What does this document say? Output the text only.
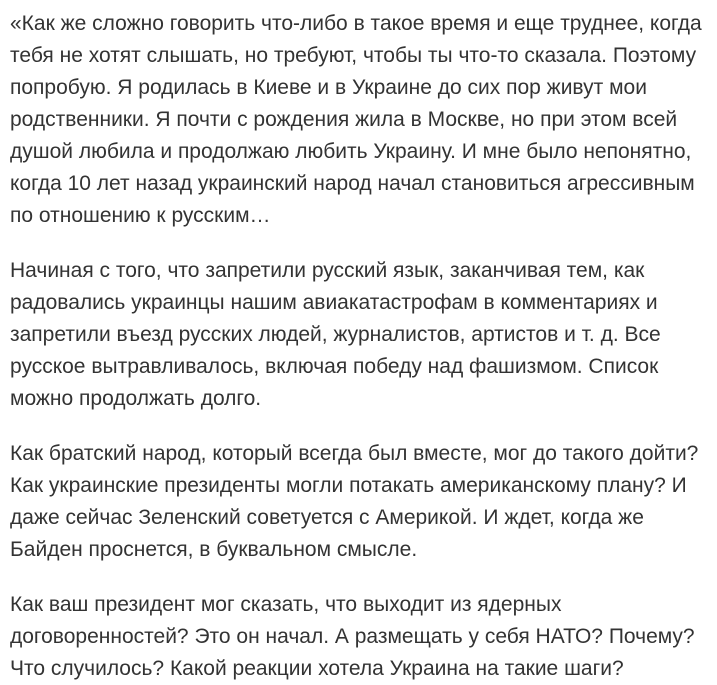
«Как же сложно говорить что-либо в такое время и еще труднее, когда тебя не хотят слышать, но требуют, чтобы ты что-то сказала. Поэтому попробую. Я родилась в Киеве и в Украине до сих пор живут мои родственники. Я почти с рождения жила в Москве, но при этом всей душой любила и продолжаю любить Украину. И мне было непонятно, когда 10 лет назад украинский народ начал становиться агрессивным по отношению к русским…

Начиная с того, что запретили русский язык, заканчивая тем, как радовались украинцы нашим авиакатастрофам в комментариях и запретили въезд русских людей, журналистов, артистов и т. д. Все русское вытравливалось, включая победу над фашизмом. Список можно продолжать долго.

Как братский народ, который всегда был вместе, мог до такого дойти? Как украинские президенты могли потакать американскому плану? И даже сейчас Зеленский советуется с Америкой. И ждет, когда же Байден проснется, в буквальном смысле.

Как ваш президент мог сказать, что выходит из ядерных договоренностей? Это он начал. А размещать у себя НАТО? Почему? Что случилось? Какой реакции хотела Украина на такие шаги?
